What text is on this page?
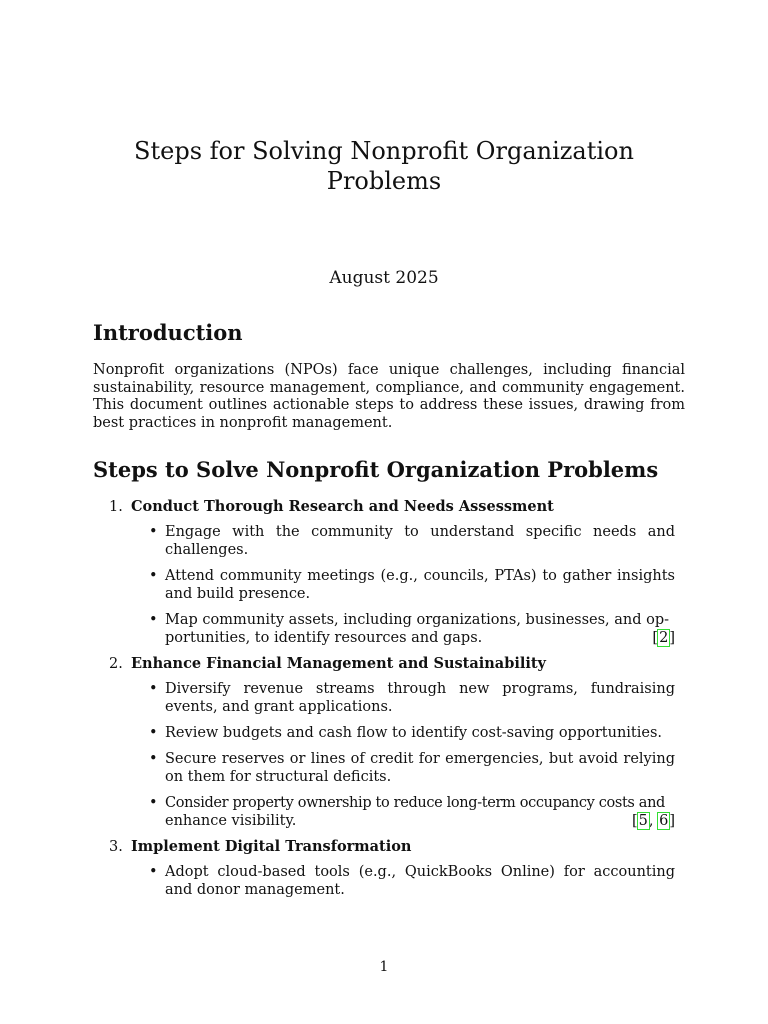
Steps for Solving Nonprofit Organization Problems
August 2025
Introduction

Nonprofit organizations (NPOs) face unique challenges, including financial sustainability, resource management, compliance, and community engagement. This document outlines actionable steps to address these issues, drawing from best practices in nonprofit management.

Steps to Solve Nonprofit Organization Problems
1. Conduct Thorough Research and Needs Assessment
• Engage with the community to understand specific needs and challenges.
• Attend community meetings (e.g., councils, PTAs) to gather insights and build presence.
• Map community assets, including organizations, businesses, and op-
portunities, to identify resources and gaps.	[2]
2. Enhance Financial Management and Sustainability
• Diversify revenue streams through new programs, fundraising events, and grant applications.
• Review budgets and cash flow to identify cost-saving opportunities.
• Secure reserves or lines of credit for emergencies, but avoid relying on them for structural deficits.
• Consider property ownership to reduce long-term occupancy costs and
enhance visibility.	[5, 6]
3. Implement Digital Transformation
• Adopt cloud-based tools (e.g., QuickBooks Online) for accounting and donor management.
1
